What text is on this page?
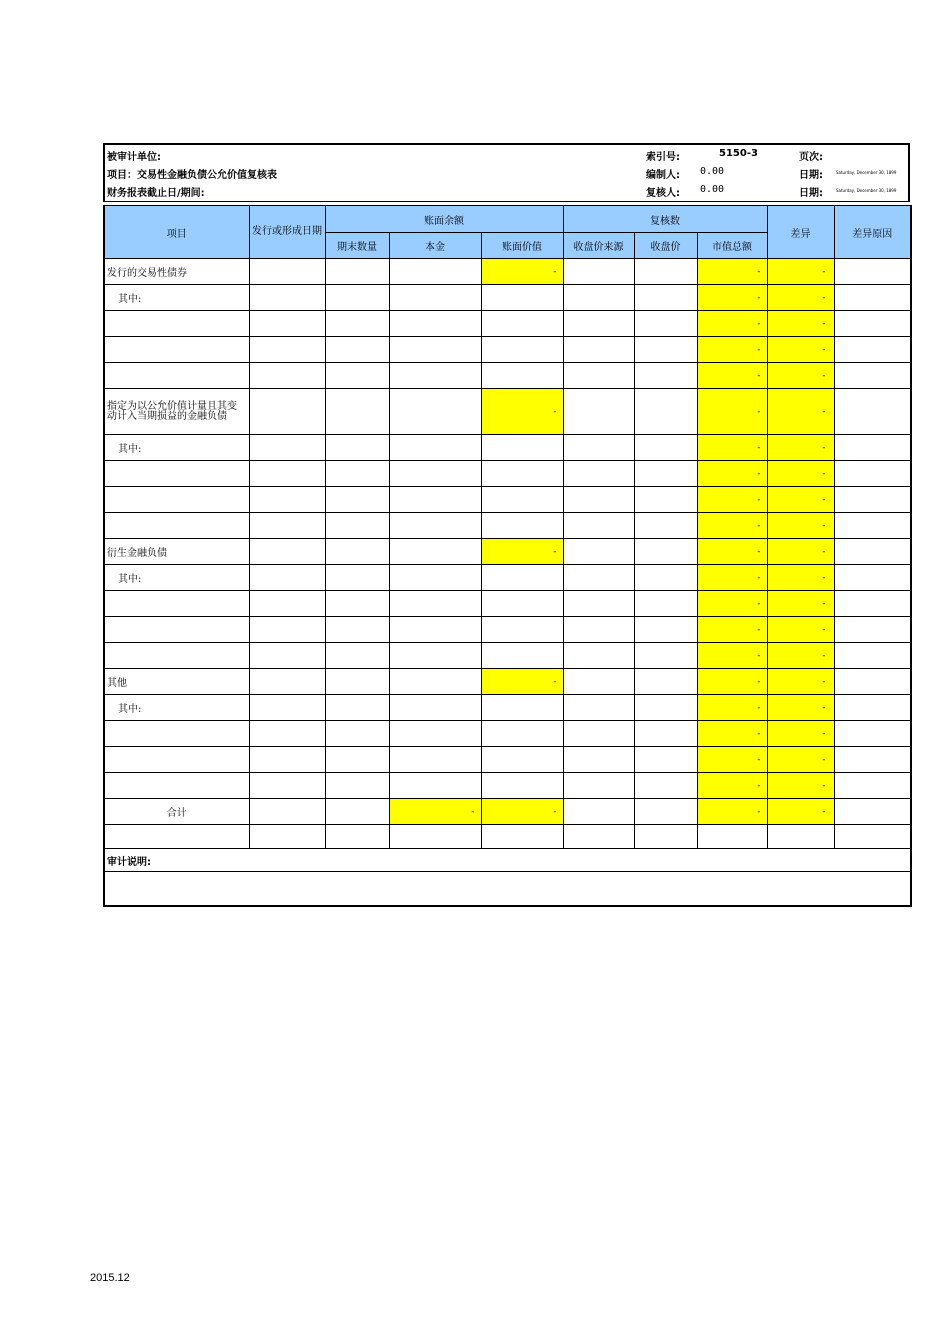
被审计单位:	索引号:	5150-3	页次:
项目：交易性金融负债公允价值复核表	编制人: 0.00	日期:	Saturday, December 30, 1899
财务报表截止日/期间:	复核人: 0.00	日期:	Saturday, December 30, 1899
项目	发行或形成日期	账面余额			复核数			差异	差异原因
		期末数量	本金	账面价值	收盘价来源	收盘价	市值总额		
发行的交易性债券				-			-	-	
其中:							-	-	
							-	-	
							-	-	
							-	-	
指定为以公允价值计量且其变动计入当期损益的金融负债				-			-	-	
其中:							-	-	
							-	-	
							-	-	
							-	-	
衍生金融负债				-			-	-	
其中:							-	-	
							-	-	
							-	-	
							-	-	
其他				-			-	-	
其中:							-	-	
							-	-	
							-	-	
							-	-	
合计			-	-			-	-	

审计说明:									

2015.12
